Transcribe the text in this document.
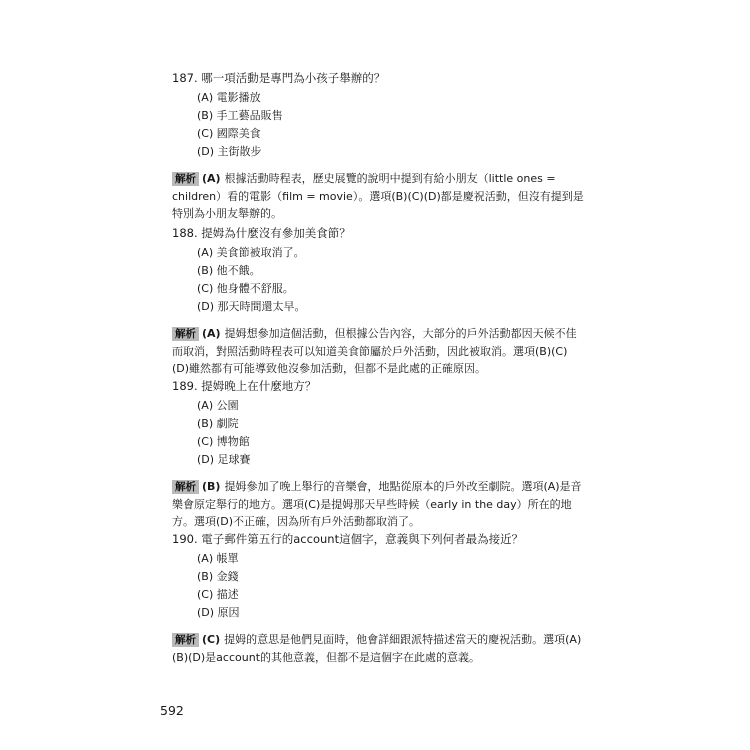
187. 哪一項活動是專門為小孩子舉辦的？

(A) 電影播放
(B) 手工藝品販售
(C) 國際美食
(D) 主街散步
解析 (A) 根據活動時程表，歷史展覽的說明中提到有給小朋友（little ones = children）看的電影（film = movie）。選項(B)(C)(D)都是慶祝活動，但沒有提到是特別為小朋友舉辦的。

188. 提姆為什麼沒有參加美食節？

(A) 美食節被取消了。
(B) 他不餓。
(C) 他身體不舒服。
(D) 那天時間還太早。
解析 (A) 提姆想參加這個活動，但根據公告內容，大部分的戶外活動都因天候不佳而取消，對照活動時程表可以知道美食節屬於戶外活動，因此被取消。選項(B)(C)(D)雖然都有可能導致他沒參加活動，但都不是此處的正確原因。

189. 提姆晚上在什麼地方？

(A) 公園
(B) 劇院
(C) 博物館
(D) 足球賽
解析 (B) 提姆參加了晚上舉行的音樂會，地點從原本的戶外改至劇院。選項(A)是音樂會原定舉行的地方。選項(C)是提姆那天早些時候（early in the day）所在的地方。選項(D)不正確，因為所有戶外活動都取消了。

190. 電子郵件第五行的account這個字，意義與下列何者最為接近？

(A) 帳單
(B) 金錢
(C) 描述
(D) 原因
解析 (C) 提姆的意思是他們見面時，他會詳細跟派特描述當天的慶祝活動。選項(A)(B)(D)是account的其他意義，但都不是這個字在此處的意義。
592
